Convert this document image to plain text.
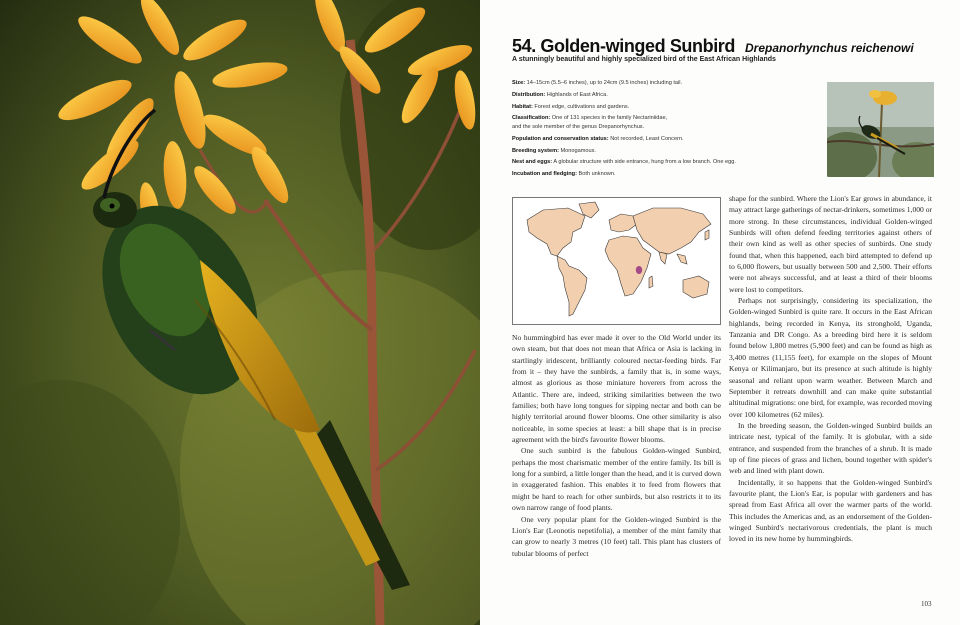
54. Golden-winged Sunbird Drepanorhynchus reichenowi
A stunningly beautiful and highly specialized bird of the East African Highlands
Size: 14–15cm (5.5–6 inches), up to 24cm (9.5 inches) including tail.
Distribution: Highlands of East Africa.
Habitat: Forest edge, cultivations and gardens.
Classification: One of 131 species in the family Nectariniidae,
and the sole member of the genus Drepanorhynchus.
Population and conservation status: Not recorded, Least Concern.
Breeding system: Monogamous.
Nest and eggs: A globular structure with side entrance, hung from a low branch. One egg.
Incubation and fledging: Both unknown.

No hummingbird has ever made it over to the Old World under its own steam, but that does not mean that Africa or Asia is lacking in startlingly iridescent, brilliantly coloured nectar-feeding birds. Far from it – they have the sunbirds, a family that is, in some ways, almost as glorious as those miniature hoverers from across the Atlantic. There are, indeed, striking similarities between the two families; both have long tongues for sipping nectar and both can be highly territorial around flower blooms. One other similarity is also noticeable, in some species at least: a bill shape that is in precise agreement with the bird's favourite flower blooms.

One such sunbird is the fabulous Golden-winged Sunbird, perhaps the most charismatic member of the entire family. Its bill is long for a sunbird, a little longer than the head, and it is curved down in exaggerated fashion. This enables it to feed from flowers that might be hard to reach for other sunbirds, but also restricts it to its own narrow range of food plants.

One very popular plant for the Golden-winged Sunbird is the Lion's Ear (Leonotis nepetifolia), a member of the mint family that can grow to nearly 3 metres (10 feet) tall. This plant has clusters of tubular blooms of perfect

shape for the sunbird. Where the Lion's Ear grows in abundance, it may attract large gatherings of nectar-drinkers, sometimes 1,000 or more strong. In these circumstances, individual Golden-winged Sunbirds will often defend feeding territories against others of their own kind as well as other species of sunbirds. One study found that, when this happened, each bird attempted to defend up to 6,000 flowers, but usually between 500 and 2,500. Their efforts were not always successful, and at least a third of their blooms were lost to competitors.

Perhaps not surprisingly, considering its specialization, the Golden-winged Sunbird is quite rare. It occurs in the East African highlands, being recorded in Kenya, its stronghold, Uganda, Tanzania and DR Congo. As a breeding bird here it is seldom found below 1,800 metres (5,900 feet) and can be found as high as 3,400 metres (11,155 feet), for example on the slopes of Mount Kenya or Kilimanjaro, but its presence at such altitude is highly seasonal and reliant upon warm weather. Between March and September it retreats downhill and can make quite substantial altitudinal migrations: one bird, for example, was recorded moving over 100 kilometres (62 miles).

In the breeding season, the Golden-winged Sunbird builds an intricate nest, typical of the family. It is globular, with a side entrance, and suspended from the branches of a shrub. It is made up of fine pieces of grass and lichen, bound together with spider's web and lined with plant down.

Incidentally, it so happens that the Golden-winged Sunbird's favourite plant, the Lion's Ear, is popular with gardeners and has spread from East Africa all over the warmer parts of the world. This includes the Americas and, as an endorsement of the Golden-winged Sunbird's nectarivorous credentials, the plant is much loved in its new home by hummingbirds.

103
